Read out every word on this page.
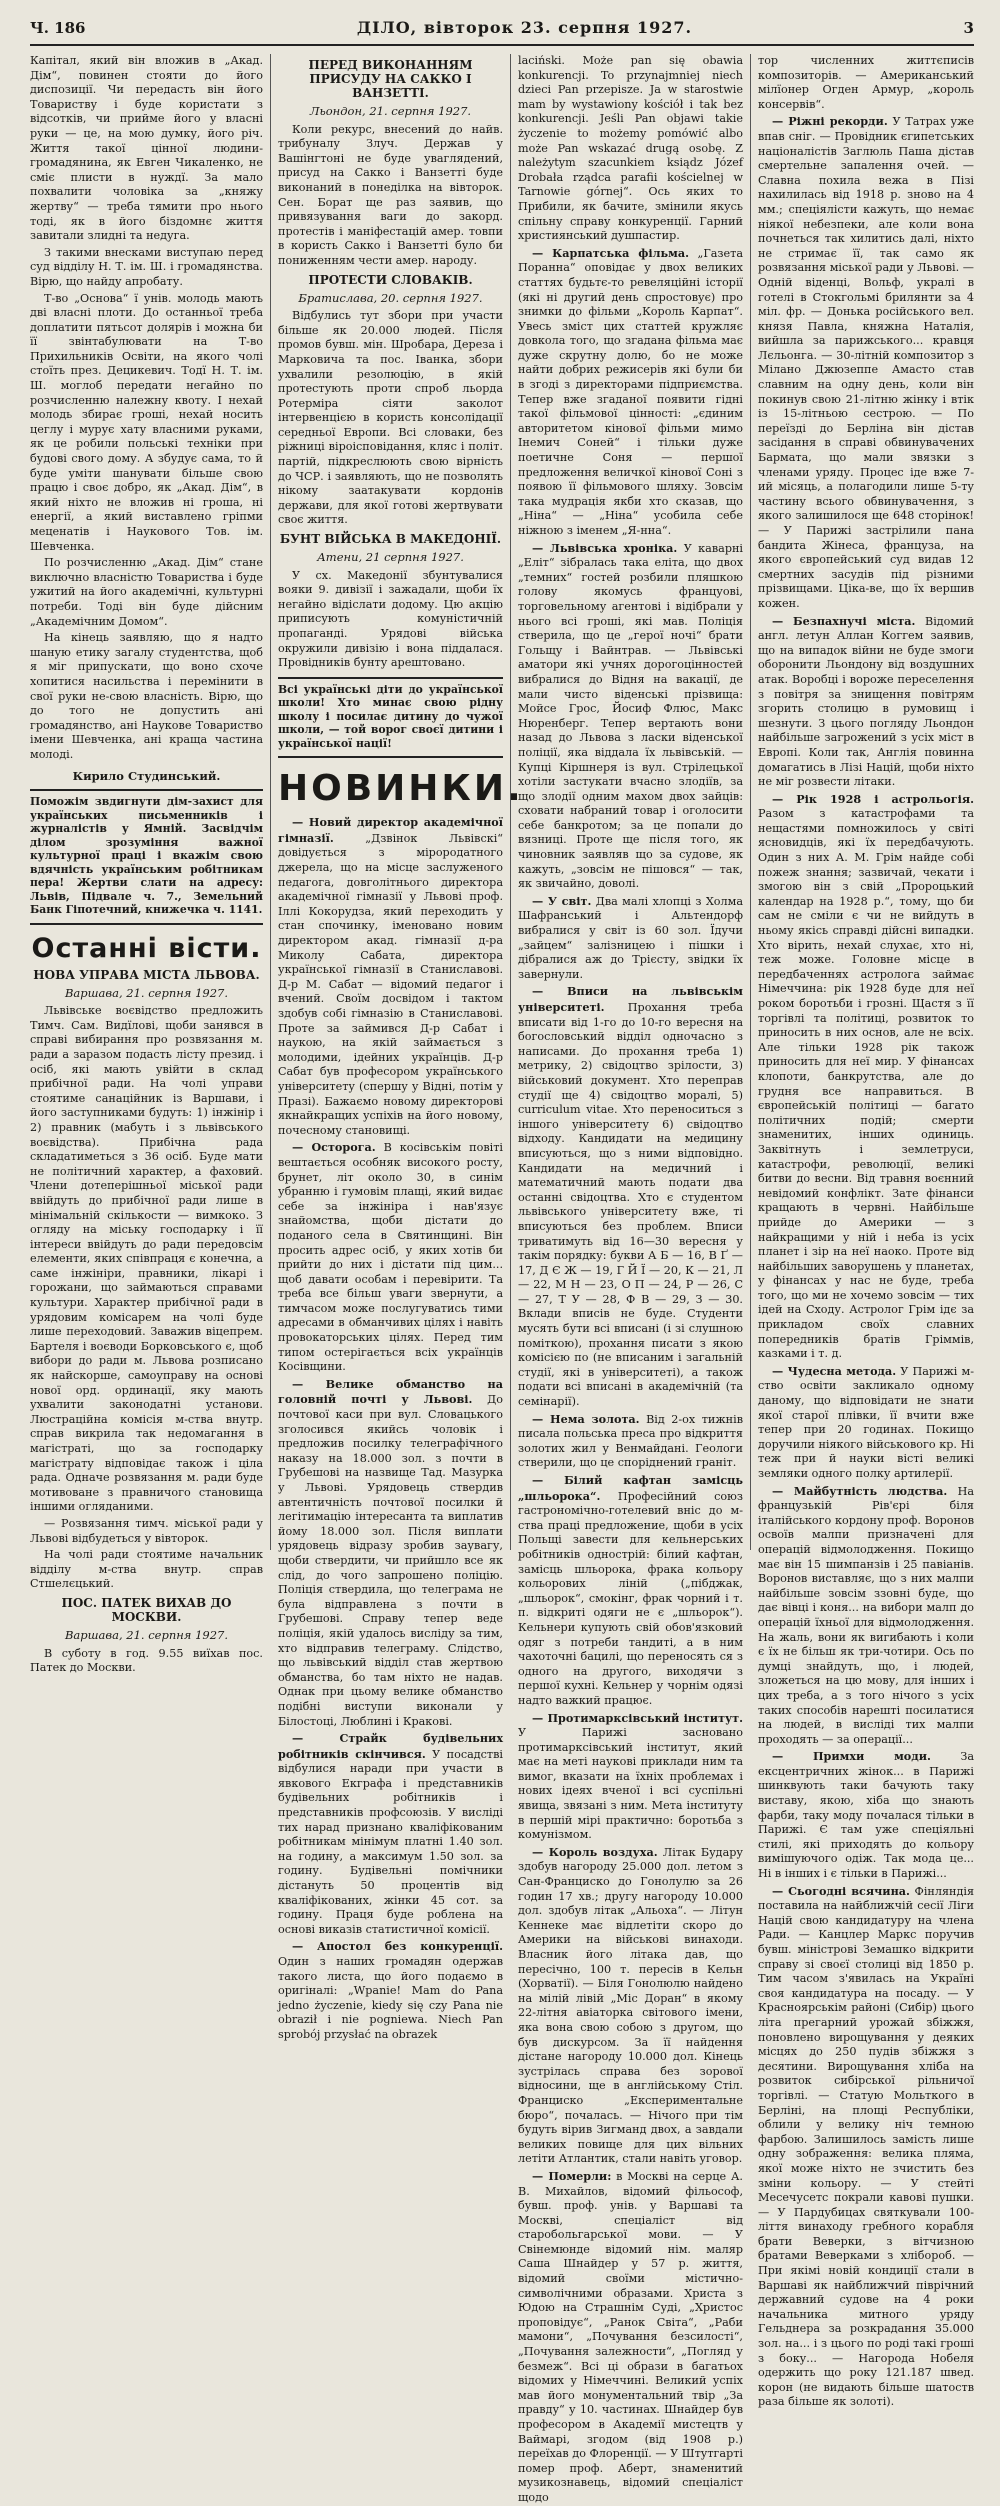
Ч. 186	ДІЛО, вівторок 23. серпня 1927.	3

Капітал, який він вложив в „Акад. Дім“, повинен стояти до його диспозиції. Чи передасть він його Товариству і буде користати з відсотків, чи прийме його у власні руки — це, на мою думку, його річ. Життя такої цінної людини-громадянина, як Евген Чикаленко, не сміє плисти в нуждї. За мало похвалити чоловіка за „княжу жертву“ — треба тямити про нього тоді, як в його біздомнє життя завитали злидні та недуга.

З такими внесками виступаю перед суд відділу Н. Т. ім. Ш. і громадянства. Вірю, що найду апробату.

Т-во „Основа“ ї унів. молодь мають дві власні плоти. До останньої треба доплатити пятьсот долярів і можна би її звінтабулювати на Т-во Прихильників Освіти, на якого чолі стоїть през. Децикевич. Тодї Н. Т. ім. Ш. моглоб передати негайно по розчисленню належну квоту. І нехай молодь збирає гроші, нехай носить цеглу і мурує хату власними руками, як це робили польські техніки при будові свого дому. А збудує сама, то й буде уміти шанувати більше свою працю і своє добро, як „Акад. Дім“, в який ніхто не вложив ні гроша, ні енергії, а який виставлено гріпми меценатів і Наукового Тов. ім. Шевченка.

По розчисленню „Акад. Дім“ стане виключно власністю Товариства і буде ужитий на його академічні, культурні потреби. Тоді він буде дійсним „Академічним Домом“.

На кінець заявляю, що я надто шаную етику загалу студентства, щоб я міг припускати, що воно схоче хопитися насильства і перемінити в свої руки не-свою власність. Вірю, що до того не допустить ані громадянство, ані Наукове Товариство імени Шевченка, ані краща частина молоді.

Кирило Студинський.

Поможім звдигнути дім-захист для українських письменників і журналістів у Ямній. Засвідчім ділом зрозуміння важної культурної праці і вкажім свою вдячність українським робітникам пера! Жертви слати на адресу: Львів, Підвале ч. 7., Земельний Банк Гіпотечний, книжечка ч. 1141.

Останні вісти.
НОВА УПРАВА МІСТА ЛЬВОВА.

Варшава, 21. серпня 1927.

Львівське воєвідство предложить Тимч. Сам. Видїлові, щоби занявся в справі вибирання про розвязання м. ради а заразом подасть лісту презид. і осіб, які мають увійти в склад прибічної ради. На чолі управи стоятиме санаційник із Варшави, і його заступниками будуть: 1) інжінір і 2) правник (мабуть і з львівського воєвідства). Прибічна рада складатиметься з 36 осіб. Буде мати не політичний характер, а фаховий. Члени дотеперішньої міської ради ввійдуть до прибічної ради лише в мінімальній скількости — вимкоко. З огляду на міську господарку і її інтереси ввійдуть до ради передовсім елементи, яких співпраця є конечна, а саме інжініри, правники, лікарі і горожани, що займаються справами культури. Характер прибічної ради в урядовим комісарем на чолі буде лише переходовий. Заважив віцепрем. Бартеля і воєводи Борковського є, щоб вибори до ради м. Львова розписано як найскорше, самоуправу на основі нової орд. ординації, яку мають ухвалити законодатні установи. Люстраційна комісія м-ства внутр. справ викрила так недомагання в магістраті, що за господарку магістрату відповідає також і ціла рада. Одначе розвязання м. ради буде мотивоване з правничого становища іншими огляданими.

— Розвязання тимч. міської ради у Львові відбудеться у вівторок.

На чолі ради стоятиме начальник відділу м-ства внутр. справ Стшелєцький.

ПОС. ПАТЕК ВИХАВ ДО МОСКВИ.

Варшава, 21. серпня 1927.

В суботу в год. 9.55 виїхав пос. Патек до Москви.

ПЕРЕД ВИКОНАННЯМ ПРИСУДУ НА САККО І ВАНЗЕТТІ.

Льондон, 21. серпня 1927.

Коли рекурс, внесений до найв. трибуналу Злуч. Держав у Вашінгтоні не буде уваглядений, присуд на Сакко і Ванзетті буде виконаний в понеділка на вівторок. Сен. Борат ще раз заявив, що привязування ваги до закорд. протестів і маніфестацій амер. товпи в користь Сакко і Ванзетті було би пониженням чести амер. народу.

ПРОТЕСТИ СЛОВАКІВ.

Братислава, 20. серпня 1927.

Відбулись тут збори при участи більше як 20.000 людей. Після промов бувш. мін. Шробара, Дереза і Марковича та пос. Іванка, збори ухвалили резолюцію, в якій протестують проти спроб льорда Ротерміра сіяти заколот інтервенцією в користь консолідації середньої Европи. Всі словаки, без ріжниці віроісповідання, кляс і політ. партій, підкреслюють свою вірність до ЧСР. і заявляють, що не позволять нікому заатакувати кордонів держави, для якої готові жертвувати своє життя.

БУНТ ВІЙСЬКА В МАКЕДОНІЇ.

Атени, 21 серпня 1927.

У сх. Македонії збунтувалися вояки 9. дивізії і зажадали, щоби їх негайно відіслати додому. Цю акцію приписують комуністичній пропаганді. Урядові війська окружили дивізію і вона піддалася. Провідників бунту арештовано.

Всі українські діти до української школи! Хто минає свою рідну школу і посилає дитину до чужої школи, — той ворог своєї дитини і української нації!

НОВИНКИ.

— Новий директор академічної гімназії.	„Дзвінок Львівскі“ довідується з мірородатного джерела, що на місце заслуженого педагога, довголітнього директора академічної гімназії у Львові проф. Іллі Кокорудза, який переходить у стан спочинку, іменовано новим директором акад. гімназії д-ра Миколу Сабата, директора української гімназії в Станиславові. Д-р М. Сабат — відомий педагог і вчений. Своїм досвідом і тактом здобув собі гімназію в Станиславові. Проте за займився Д-р Сабат і наукою, на якій займається з молодими, ідейних українців. Д-р Сабат був професором українського університету (спершу у Відні, потім у Празі). Бажаємо новому директорові якнайкращих успіхів на його новому, почесному становищі.

— Осторога. В косівськім повіті вештається особняк високого росту, брунет, літ около 30, в синім убранню і гумовім плащі, який видає себе за інжініра і нав'язує знайомства, щоби дістати до поданого села в Святинщині. Він просить адрес осіб, у яких хотів би прийти до них і дістати під цим... щоб давати особам і перевірити. Та треба все більш уваги звернути, а тимчасом може послугуватись тими адресами в обманчивих цілях і навіть провокаторських цілях. Перед тим типом остерігається всіх українців Косівщини.

— Велике обманство на головній почті у Львові. До почтової каси при вул. Словацького зголосився якийсь чоловік і предложив посилку телеграфічного наказу на 18.000 зол. з почти в Грубешові на назвище Тад. Мазурка у Львові. Урядовець ствердив автентичність почтової посилки й легітимацію інтересанта та виплатив йому 18.000 зол. Після виплати урядовець відразу зробив заувагу, щоби ствердити, чи прийшло все як слід, до чого запрошено поліцію. Поліція ствердила, що телеграма не була відправлена з почти в Грубешові. Справу тепер веде поліція, якій удалось висліду за тим, хто відправив телеграму. Слідство, що львівський відділ став жертвою обманства, бо там ніхто не надав. Однак при цьому велике обманство подібні виступи виконали у Білостоці, Люблині і Кракові.

— Страйк будівельних робітників скінчився. У посадстві відбулися наради при участи в явкового Екграфа і представників будівельних робітників і представників профсоюзів. У висліді тих нарад признано кваліфікованим робітникам мінімум платні 1.40 зол. на годину, а максимум 1.50 зол. за годину. Будівельні помічники дістануть 50 процентів від кваліфікованих, жінки 45 сот. за годину. Праця буде роблена на основі виказів статистичної комісії.

— Апостол без конкуренції. Один з наших громадян одержав такого листа, що його подаємо в оригіналі: „Wpanie! Mam do Pana jedno życzenie, kiedy się czy Pana nie obraził i nie pogniewa. Niech Pan sprobój przysłać na obrazek

laciński. Może pan się obawia konkurencji. To przynajmniej niech dzieci Pan przepisze. Ja w starostwie mam by wystawiony kościół i tak bez konkurencji. Jeśli Pan objawi takie życzenie to możemy pomówić albo może Pan wskazać drugą osobę. Z należytym szacunkiem ksiądz Józef Drobała rządca parafii kościelnej w Tarnowie górnej“. Ось яких то Прибили, як бачите, змінили якусь спільну справу конкуренції. Гарний християнський душпастир.

— Карпатська фільма. „Газета Поранна“ оповідає у двох великих статтях будьтє-то ревеляційні історії (які ні другий день спростовує) про знимки до фільми „Король Карпат“. Увесь зміст цих статтей кружляє довкола того, що згадана фільма має дуже скрутну долю, бо не може найти добрих режисерів які були би в згоді з директорами підприємства. Тепер вже згаданої появити гідні такої фільмової цінності: „єдиним авторитетом кінової фільми мимо Інемич Соней“ і тільки дуже поетичне Соня — першої предложення величкої кінової Соні з появою її фільмового шляху. Зовсім така мудрація якби хто сказав, що „Ніна“ — „Ніна“ усобила себе ніжною з іменем „Я-нна“.

— Львівська хроніка. У каварні „Еліт“ зібралась така еліта, що двох „темних“ гостей розбили пляшкою голову якомусь француові, торговельному агентові і відібрали у нього всі гроші, які мав. Поліція стверила, що це „герої ночі“ брати Гольщу і Вайнтрав. — Львівські аматори які учнях дорогоцінностей вибралися до Відня на вакації, де мали чисто віденські прізвища: Мойсе Грос, Йосиф Флюс, Макс Нюренберг. Тепер вертають вони назад до Львова з ласки віденської поліції, яка віддала їх львівській. — Купці Кіршнеря із вул. Стрілецької хотіли застукати вчасно злодіїв, за що злодії одним махом двох зайців: сховати набраний товар і оголосити себе банкротом; за це попали до вязниці. Проте ще після того, як чиновник заявляв що за судове, як кажуть, „зовсім не пішовся“ — так, як звичайно, доволі.

— У світ. Два малі хлопці з Холма Шафранський і Альтендорф вибралися у світ із 60 зол. Їдучи „зайцем“ залізницею і пішки і дібралися аж до Трієсту, звідки їх завернули.

— Вписи на львівськім університеті. Прохання треба вписати від 1-го до 10-го вересня на богословський відділ одночасно з написами. До прохання треба 1) метрику, 2) свідоцтво зрілости, 3) військовий документ. Хто переправ студії ще 4) свідоцтво моралі, 5) curriculum vitae. Хто переноситься з іншого університету 6) свідоцтво відходу. Кандидати на медицину вписуються, що з ними відповідно. Кандидати на медичний і математичний мають подати два останні свідоцтва. Хто є студентом львівського університету вже, ті вписуються без проблем. Вписи триватимуть від 16—30 вересня у такім порядку: букви А Б — 16, В Ґ — 17, Д Є Ж — 19, Г Й Ї — 20, К — 21, Л — 22, М Н — 23, О П — 24, Р — 26, С — 27, Т У — 28, Ф В — 29, З — 30. Вклади вписів не буде. Студенти мусять бути всі вписані (і зі слушною поміткою), прохання писати з якою комісією по (не вписаним і загальній студії, які в університеті), а також подати всі вписані в академічній (та семінарії).

— Нема золота. Від 2-ох тижнів писала польська преса про відкриття золотих жил у Венмайдані. Геологи стверили, що це споріднений граніт.

— Білий кафтан замісць „шльорока“. Професійний союз гастрономічно-готелевий вніс до м-ства праці предложение, щоби в усіх Польщі завести для кельнерських робітників однострій: білий кафтан, замісць шльорока, фрака кольору кольорових ліній („пібджак, „шльорок“, смокінг, фрак чорний і т. п. відкриті одяги не є „шльорок“). Кельнери купують свій обов'язковий одяг з потреби тандиті, а в ним чахоточні бацилі, що переносять ся з одного на другого, виходячи з першої кухні. Кельнер у чорнім одязі надто важкий працює.

— Протимарксівський інститут. У Парижі засновано протимарксівський інститут, який має на меті наукові приклади ним та вимог, вказати на їхніх проблемах і нових ідеях вченої і всі суспільні явища, звязані з ним. Мета інституту в першій мірі практично: боротьба з комунізмом.

— Король воздуха. Літак Будару здобув нагороду 25.000 дол. летом з Сан-Франциско до Гонолулю за 26 годин 17 хв.; другу нагороду 10.000 дол. здобув літак „Альоха“. — Літун Кеннеке має відлетіти скоро до Америки на військові винаходи. Власник його літака дав, що пересічно, 100 т. пересів в Кельн (Хорватії). — Біля Гонолюлю найдено на мілій лівій „Міс Доран“ в якому 22-літня авіаторка світового імени, яка вона свою собою з другом, що був дискурсом. За її найдення дістане нагороду 10.000 дол. Кінець зустрілась справа без зорової відносини, ще в англійському Стіл. Франциско „Експериментальне бюро“, почалась. — Нічого при тім будуть вірив Зигманд двох, а завдали великих повище для цих вільних летіти Атлантик, стали навіть уговор.

— Померли: в Москві на серце А. В. Михайлов, відомий фільософ, бувш. проф. унів. у Варшаві та Москві, спеціаліст від старобольгарської мови. — У Свінемюнде відомий нім. маляр Саша Шнайдер у 57 р. життя, відомий своїми містично-символічними образами. Христа з Юдою на Страшнім Суді, „Христос проповідує“, „Ранок Світа“, „Раби мамони“, „Почування безсилості“, „Почування залежности“, „Погляд у безмеж“. Всі ці образи в багатьох відомих у Німеччині. Великий успіх мав його монументальний твір „За правду“ у 10. частинах. Шнайдер був професором в Академії мистецтв у Ваймарі, згодом (від 1908 р.) переїхав до Флоренції. — У Штутгарті помер проф. Аберт, знаменитий музикознавець, відомий спеціаліст щодо

тор численних життєписів композиторів. — Американський мілїонер Огден Армур, „король консервів“.

— Ріжні рекорди. У Татрах уже впав сніг. — Провідник єгипетських націоналістів Заглюль Паша дістав смертельне запалення очей. — Славна похила вежа в Пізі нахилилась від 1918 р. зново на 4 мм.; спеціялісти кажуть, що немає ніякої небезпеки, але коли вона почнеться так хилитись далі, ніхто не стримає її, так само як розвязання міської ради у Львові. — Одній віденці, Вольф, укралі в готелі в Стокгольмі брилянти за 4 міл. фр. — Донька російського вел. князя Павла, княжна Наталія, вийшла за парижського... кравця Лєльонга. — 30-літній композитор з Мілано Джюзеппе Амасто став славним на одну день, коли він покинув свою 21-літню жінку і втік із 15-літньою сестрою. — По переїзді до Берліна він дістав засідання в справі обвинувачених Бармата, що мали звязки з членами уряду. Процес іде вже 7-ий місяць, а полагодили лише 5-ту частину всього обвинувачення, з якого залишилося ще 648 сторінок! — У Парижі застрілили пана бандита Жінеса, француза, на якого європейський суд видав 12 смертних засудів під різними прізвищами. Ціка-ве, що їх вершив кожен.

— Безпахнучі міста. Відомий англ. летун Аллан Коггем заявив, що на випадок війни не буде змоги оборонити Льондону від воздушних атак. Воробці і вороже переселення з повітря за знищення повітрям згорить столицю в румовищ і шезнути. З цього погляду Льондон найбільше загрожений з усіх міст в Европі. Коли так, Англія повинна домагатись в Лізі Націй, щоби ніхто не міг розвести літаки.

— Рік 1928 і астрольогія. Разом з катастрофами та нещастями помножилось у світі ясновидців, які їх передбачують. Один з них А. М. Грім найде собі пожеж знання; зазвичай, чекати і змогою він з свій „Пророцький календар на 1928 р.“, тому, що би сам не сміли є чи не вийдуть в ньому якісь справді дійсні випадки. Хто вірить, нехай слухає, хто ні, теж може. Головне місце в передбаченнях астролога займає Німеччина: рік 1928 буде для неї роком боротьби і грозні. Щастя з її торгівлі та політиці, розвиток то приносить в них основ, але не всіх. Але тільки 1928 рік також приносить для неї мир. У фінансах клопоти, банкрутства, але до грудня все направиться. В європейській політиці — багато політичних подій; смерти знаменитих, інших одиниць. Заквітнуть і землетруси, катастрофи, революції, великі битви до весни. Від травня воєнний невідомий конфлікт. Зате фінанси кращають в червні. Найбільше прийде до Америки — з найкращими у ній і неба із усіх планет і зір на неї наоко. Проте від найбільших заворушень у планетах, у фінансах у нас не буде, треба того, що ми не хочемо зовсім — тих ідей на Сходу. Астролог Грім ідє за прикладом своїх славних попередників братів Гріммів, казками і т. д.

— Чудесна метода. У Парижі м-ство освіти закликало одному даному, що відповідати не знати якої старої плівки, її вчити вже тепер при 20 годинах. Покищо доручили ніякого військового кр. Ні теж при й науки вісті великі земляки одного полку артилерії.

— Майбутність людства. На французькій Рів'єрі біля італійського кордону проф. Воронов освоїв малпи призначені для операцій відмолодження. Покищо має він 15 шимпанзів і 25 павіанів. Воронов виставляє, що з них малпи найбільше зовсім ззовні буде, що дає вівці і коня... на вибори малп до операцій їхньої для відмолодження. На жаль, вони як вигибають і коли є їх не більш як три-чотири. Ось по думці знайдуть, що, і людей, зложеться на цю мову, для інших і цих треба, а з того нічого з усіх таких способів нарешті посилатися на людей, в висліді тих малпи проходять — за операції...

— Примхи моди.	За ексцентричних жінок... в Парижі шинквують таки бачують таку виставу, якою, хіба що знають фарби, таку моду почалася тільки в Парижі. Є там уже спеціяльні стилі, які приходять до кольору вимішуючого одіж. Так мода це... Ні в інших і є тільки в Парижі...

— Сьогодні всячина. Фінляндія поставила на найближчій сесії Ліги Націй свою кандидатуру на члена Ради. — Канцлер Маркс поручив бувш. міністрові Земашко відкрити справу зі своєї столиці від 1850 р. Тим часом з'явилась на Україні своя кандидатура на посаду. — У Красноярськім районі (Сибір) цього літа прегарний урожай збіжжя, поновлено вирощування у деяких місцях до 250 пудів збіжжя з десятини. Вирощування хліба на розвиток сибірської рільничої торгівлі. — Статую Мольткого в Берліні, на площі Республіки, облили у велику ніч темною фарбою. Залишилось замість лише одну зображення: велика пляма, якої може ніхто не зчистить без зміни кольору. — У стейті Месечусетс покрали кавові пушки. — У Пардубицах святкували 100-ліття винаходу гребного корабля брати Веверки, з вітчизною братами Веверками з хлібороб. — При якімі новій кондиції стали в Варшаві як найближчий піврічний державний судове на 4 роки начальника митного уряду Гельднера за розкрадання 35.000 зол. на... і з цього по роді такі гроші з боку... — Нагорода Нобеля одержить що року 121.187 швед. корон (не видають більше шатоств раза більше як золоті).
